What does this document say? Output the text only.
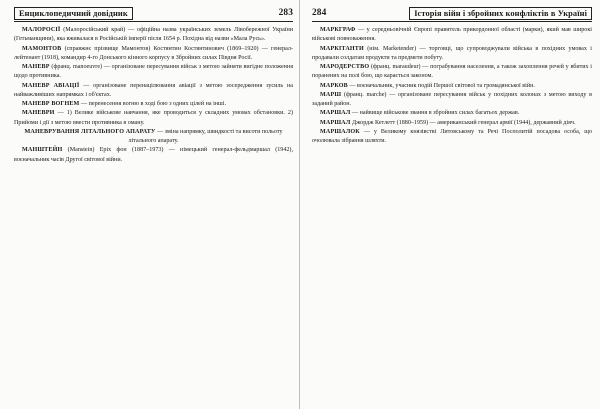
Енциклопедичний довідник	283

МАЛОРОСІЇ (Малоросійський край) — офіційна назва українських земель Лівобережної України (Гетьманщини), яка вживалася в Російській імперії після 1654 р. Похідна від назви «Мала Русь».

МАМОНТОВ (справжнє прізвище Мамонтов) Костянтин Костянтинович (1869–1920) — генерал-лейтенант (1918), командир 4-го Донського кінного корпусу в Збройних силах Півдня Росії.

МАНЕВР (франц. manoeuvre) — організоване пересування військ з метою зайняти вигідне положення щодо противника.

МАНЕВР АВІАЦІЇ — організоване перенацілювання авіації з метою зосередження зусиль на найважливіших напрямках і об'єктах.

МАНЕВР ВОГНЕМ — перенесення вогню в ході бою з одних цілей на інші.

МАНЕВРИ — 1) Велике військове навчання, яке проводиться у складних умовах обстановки. 2) Прийоми і дії з метою ввести противника в оману.

МАНЕВРУВАННЯ ЛІТАЛЬНОГО АПАРАТУ — зміна напрямку, швидкості та висоти польоту літального апарату.

МАНШТЕЙН (Manstein) Еріх фон (1887–1973) — німецький генерал-фельдмаршал (1942), воєначальник часів Другої світової війни.

284	Історія війн і збройних конфліктів в Україні

МАРКГРАФ — у середньовічній Європі правитель прикордонної області (марки), який мав широкі військові повноваження.

МАРКІТАНТИ (нім. Marketender) — торговці, що супроводжували війська в похідних умовах і продавали солдатам продукти та предмети побуту.

МАРОДЕРСТВО (франц. maraudeur) — пограбування населення, а також захоплення речей у вбитих і поранених на полі бою, що карається законом.

МАРКОВ — воєначальник, учасник подій Першої світової та громадянської війн.

МАРШ (франц. marche) — організоване пересування військ у похідних колонах з метою виходу в заданий район.

МАРШАЛ — найвище військове звання в збройних силах багатьох держав.

МАРШАЛ Джордж Кетлетт (1880–1959) — американський генерал армії (1944), державний діяч.

МАРШАЛОК — у Великому князівстві Литовському та Речі Посполитій посадова особа, що очолювала зібрання шляхти.
